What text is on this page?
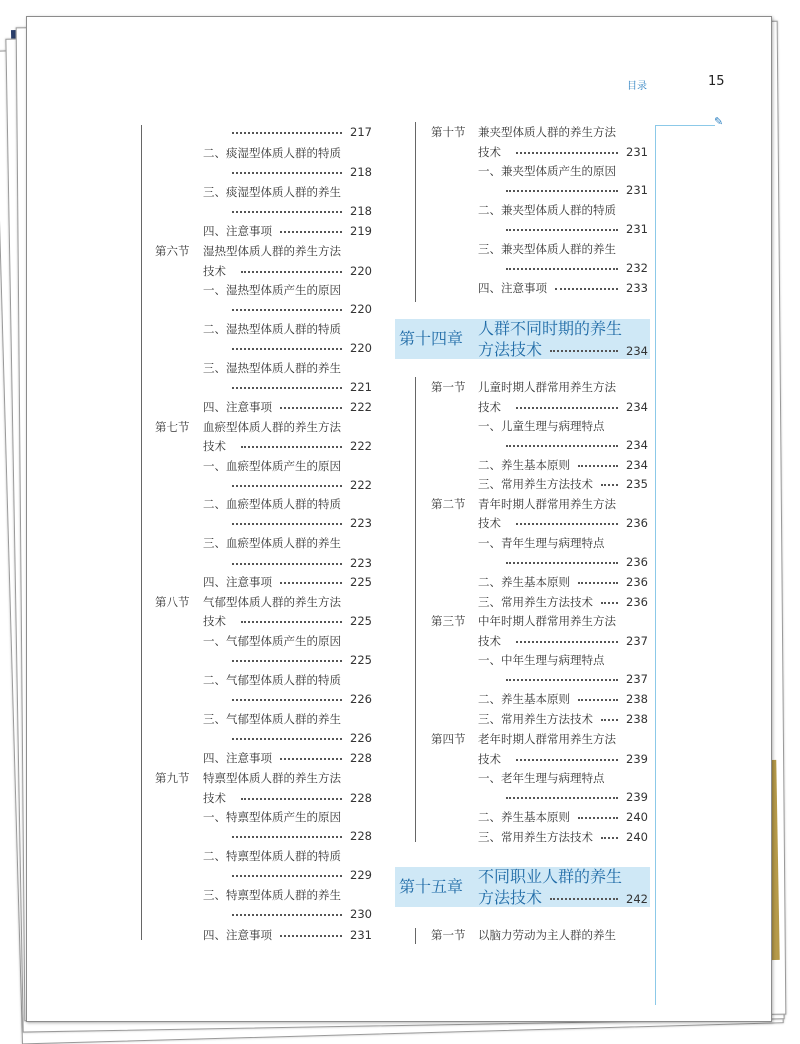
目录	15
✎
217
二、痰湿型体质人群的特质
218
三、痰湿型体质人群的养生
218
四、注意事项	219
第六节 湿热型体质人群的养生方法
技术	220
一、湿热型体质产生的原因
220
二、湿热型体质人群的特质
220
三、湿热型体质人群的养生
221
四、注意事项	222
第七节 血瘀型体质人群的养生方法
技术	222
一、血瘀型体质产生的原因
222
二、血瘀型体质人群的特质
223
三、血瘀型体质人群的养生
223
四、注意事项	225
第八节 气郁型体质人群的养生方法
技术	225
一、气郁型体质产生的原因
225
二、气郁型体质人群的特质
226
三、气郁型体质人群的养生
226
四、注意事项	228
第九节 特禀型体质人群的养生方法
技术	228
一、特禀型体质产生的原因
228
二、特禀型体质人群的特质
229
三、特禀型体质人群的养生
230
四、注意事项	231
第十节 兼夹型体质人群的养生方法
技术	231
一、兼夹型体质产生的原因
231
二、兼夹型体质人群的特质
231
三、兼夹型体质人群的养生
232
四、注意事项	233
第十四章
人群不同时期的养生
方法技术	234
第一节 儿童时期人群常用养生方法
技术	234
一、儿童生理与病理特点
234
二、养生基本原则	234
三、常用养生方法技术	235
第二节 青年时期人群常用养生方法
技术	236
一、青年生理与病理特点
236
二、养生基本原则	236
三、常用养生方法技术	236
第三节 中年时期人群常用养生方法
技术	237
一、中年生理与病理特点
237
二、养生基本原则	238
三、常用养生方法技术	238
第四节 老年时期人群常用养生方法
技术	239
一、老年生理与病理特点
239
二、养生基本原则	240
三、常用养生方法技术	240
第十五章
不同职业人群的养生
方法技术	242
第一节 以脑力劳动为主人群的养生
